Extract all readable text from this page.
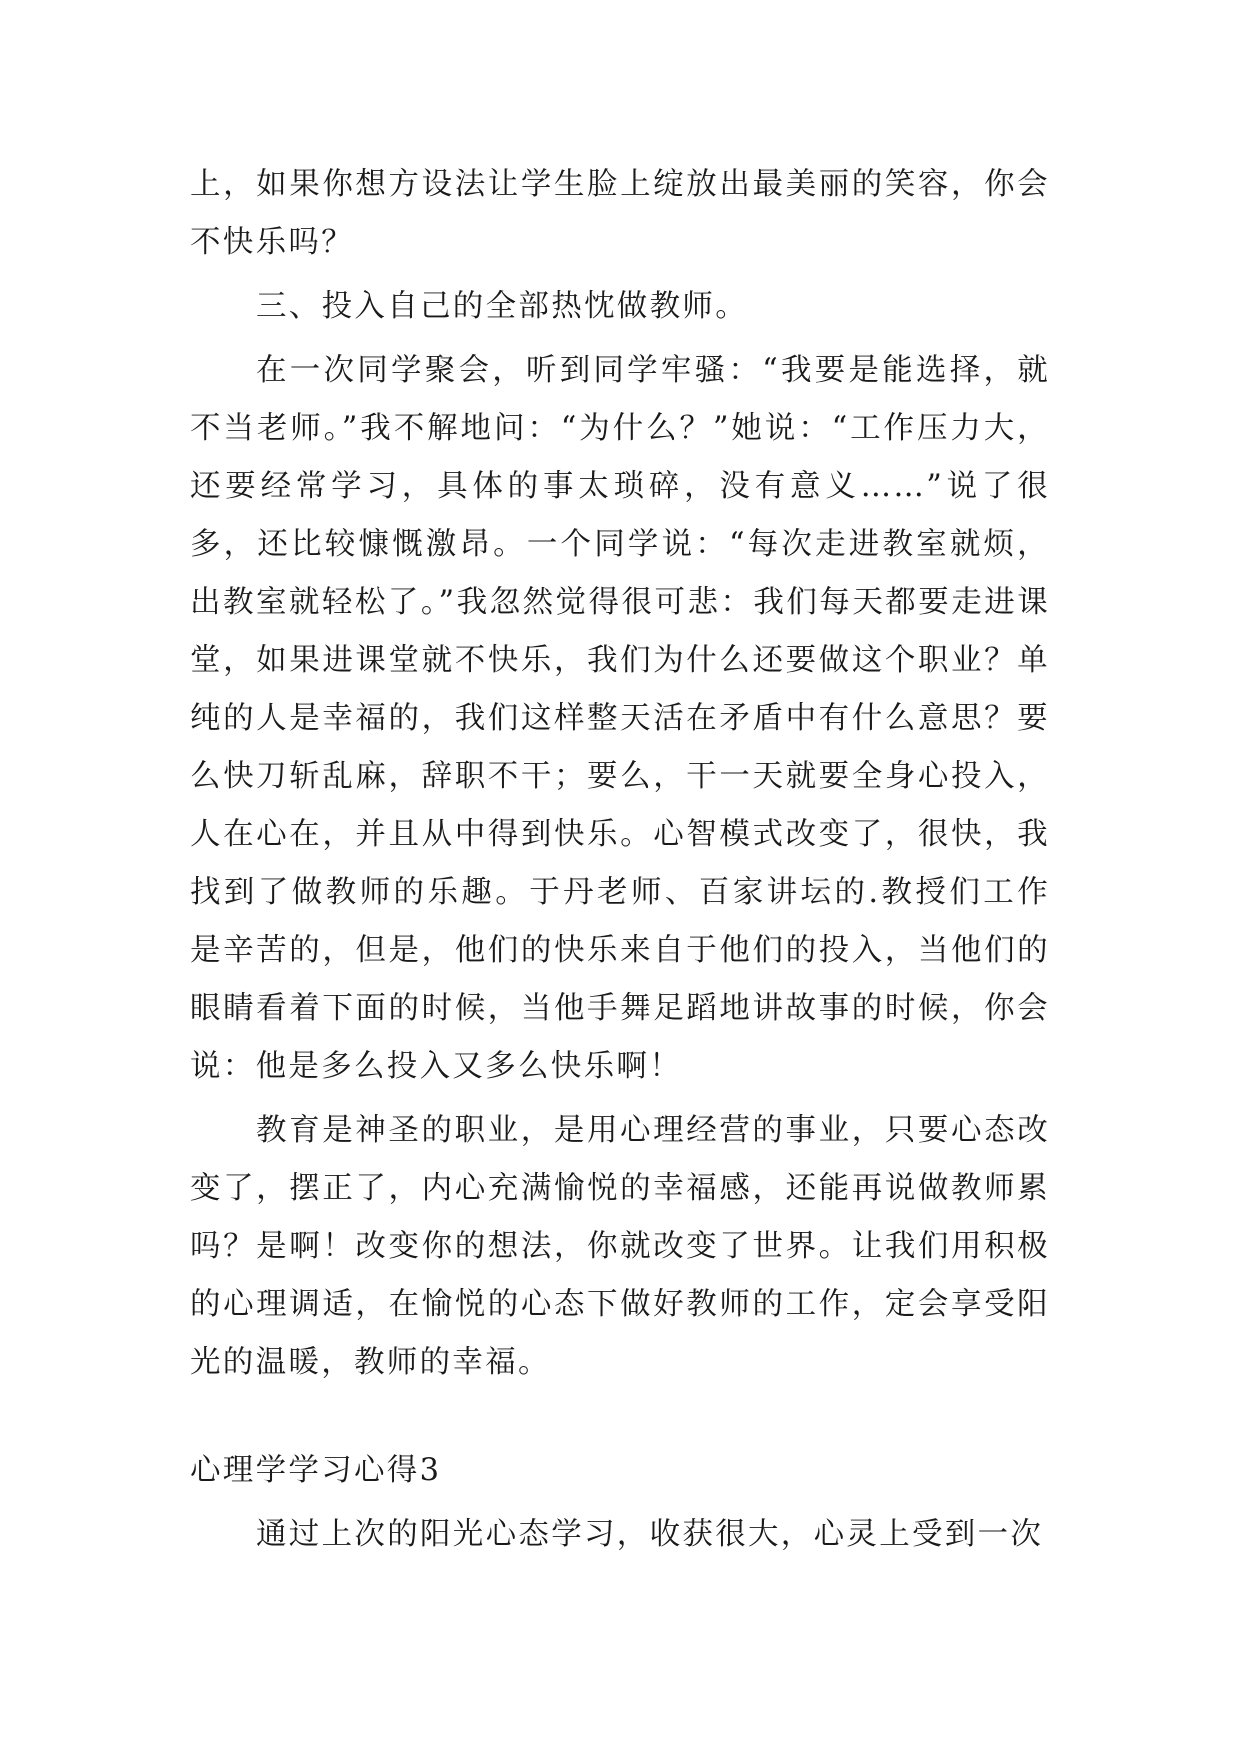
上，如果你想方设法让学生脸上绽放出最美丽的笑容，你会不快乐吗？

三、投入自己的全部热忱做教师。

在一次同学聚会，听到同学牢骚：“我要是能选择，就不当老师。”我不解地问：“为什么？”她说：“工作压力大，还要经常学习，具体的事太琐碎，没有意义……”说了很多，还比较慷慨激昂。一个同学说：“每次走进教室就烦，出教室就轻松了。”我忽然觉得很可悲：我们每天都要走进课堂，如果进课堂就不快乐，我们为什么还要做这个职业？单纯的人是幸福的，我们这样整天活在矛盾中有什么意思？要么快刀斩乱麻，辞职不干；要么，干一天就要全身心投入，人在心在，并且从中得到快乐。心智模式改变了，很快，我找到了做教师的乐趣。于丹老师、百家讲坛的.教授们工作是辛苦的，但是，他们的快乐来自于他们的投入，当他们的眼睛看着下面的时候，当他手舞足蹈地讲故事的时候，你会说：他是多么投入又多么快乐啊！

教育是神圣的职业，是用心理经营的事业，只要心态改变了，摆正了，内心充满愉悦的幸福感，还能再说做教师累吗？是啊！改变你的想法，你就改变了世界。让我们用积极的心理调适，在愉悦的心态下做好教师的工作，定会享受阳光的温暖，教师的幸福。

心理学学习心得3

通过上次的阳光心态学习，收获很大，心灵上受到一次
